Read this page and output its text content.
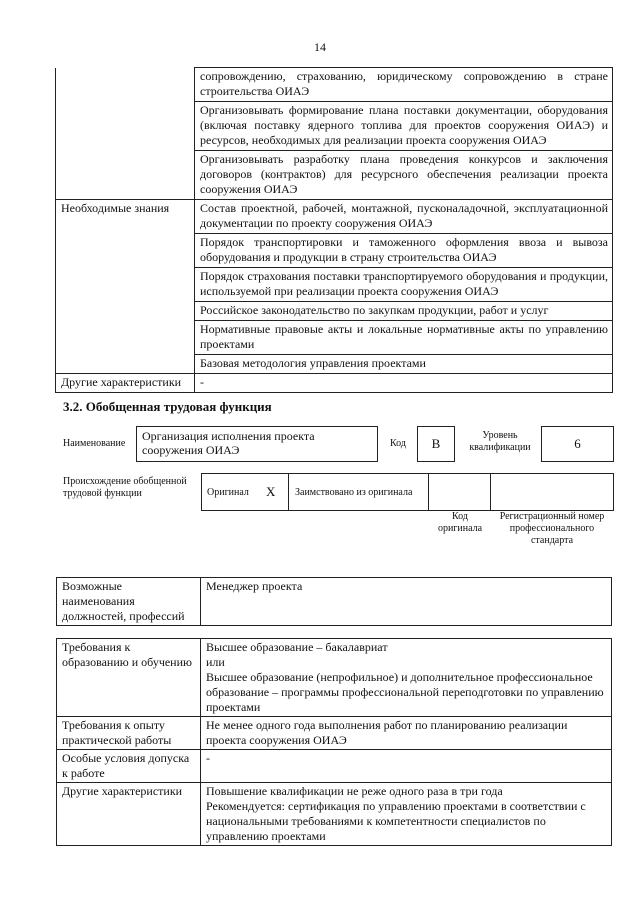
14
	сопровождению, страхованию, юридическому сопровождению в стране строительства ОИАЭ
	Организовывать формирование плана поставки документации, оборудования (включая поставку ядерного топлива для проектов сооружения ОИАЭ) и ресурсов, необходимых для реализации проекта сооружения ОИАЭ
	Организовывать разработку плана проведения конкурсов и заключения договоров (контрактов) для ресурсного обеспечения реализации проекта сооружения ОИАЭ
Необходимые знания	Состав проектной, рабочей, монтажной, пусконаладочной, эксплуатационной документации по проекту сооружения ОИАЭ
	Порядок транспортировки и таможенного оформления ввоза и вывоза оборудования и продукции в страну строительства ОИАЭ
	Порядок страхования поставки транспортируемого оборудования и продукции, используемой при реализации проекта сооружения ОИАЭ
	Российское законодательство по закупкам продукции, работ и услуг
	Нормативные правовые акты и локальные нормативные акты по управлению проектами
	Базовая методология управления проектами
Другие характеристики	-
3.2. Обобщенная трудовая функция
Наименование
Организация исполнения проекта сооружения ОИАЭ	Код	B
Уровень квалификации	6
Происхождение обобщенной трудовой функции	Оригинал X Заимствовано из оригинала
Код оригинала
Регистрационный номер профессионального стандарта
Возможные наименования должностей, профессий	Менеджер проекта
Требования к образованию и обучению	Высшее образование – бакалавриат
или
Высшее образование (непрофильное) и дополнительное профессиональное образование – программы профессиональной переподготовки по управлению проектами

Требования к опыту практической работы	Не менее одного года выполнения работ по планированию реализации проекта сооружения ОИАЭ

Особые условия допуска к работе	-

Другие характеристики	Повышение квалификации не реже одного раза в три года
Рекомендуется: сертификация по управлению проектами в соответствии с национальными требованиями к компетентности специалистов по управлению проектами
